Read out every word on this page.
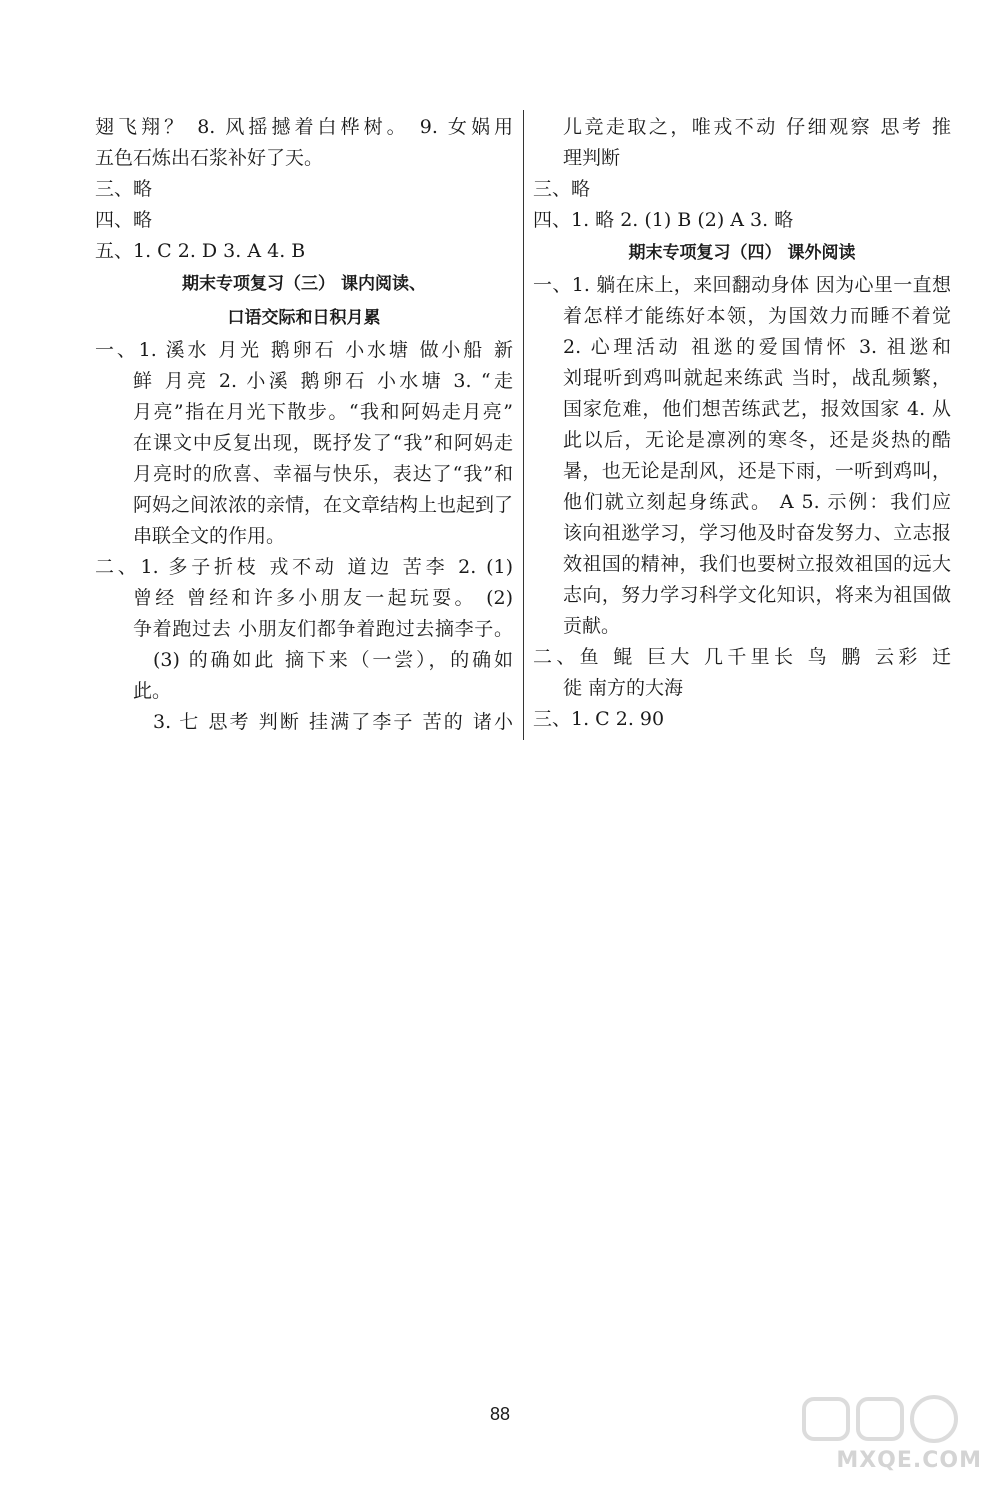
翅飞翔？ 8. 风摇撼着白桦树。 9. 女娲用
五色石炼出石浆补好了天。
三、略
四、略
五、1. C 2. D 3. A 4. B
期末专项复习（三） 课内阅读、
口语交际和日积月累
一、1. 溪水 月光 鹅卵石 小水塘 做小船 新
鲜 月亮 2. 小溪 鹅卵石 小水塘 3. “走
月亮”指在月光下散步。“我和阿妈走月亮”
在课文中反复出现，既抒发了“我”和阿妈走
月亮时的欣喜、幸福与快乐，表达了“我”和
阿妈之间浓浓的亲情，在文章结构上也起到了
串联全文的作用。
二、1. 多子折枝 戎不动 道边 苦李 2. (1)
曾经 曾经和许多小朋友一起玩耍。 (2)
争着跑过去 小朋友们都争着跑过去摘李子。
(3) 的确如此 摘下来（一尝），的确如
此。
3. 七 思考 判断 挂满了李子 苦的 诸小
儿竞走取之，唯戎不动 仔细观察 思考 推
理判断
三、略
四、1. 略 2. (1) B (2) A 3. 略
期末专项复习（四） 课外阅读
一、1. 躺在床上，来回翻动身体 因为心里一直想
着怎样才能练好本领，为国效力而睡不着觉
2. 心理活动 祖逖的爱国情怀 3. 祖逖和
刘琨听到鸡叫就起来练武 当时，战乱频繁，
国家危难，他们想苦练武艺，报效国家 4. 从
此以后，无论是凛冽的寒冬，还是炎热的酷
暑，也无论是刮风，还是下雨，一听到鸡叫，
他们就立刻起身练武。 A 5. 示例：我们应
该向祖逖学习，学习他及时奋发努力、立志报
效祖国的精神，我们也要树立报效祖国的远大
志向，努力学习科学文化知识，将来为祖国做
贡献。
二、鱼 鲲 巨大 几千里长 鸟 鹏 云彩 迁
徙 南方的大海
三、1. C 2. 90
88
MXQE.COM
